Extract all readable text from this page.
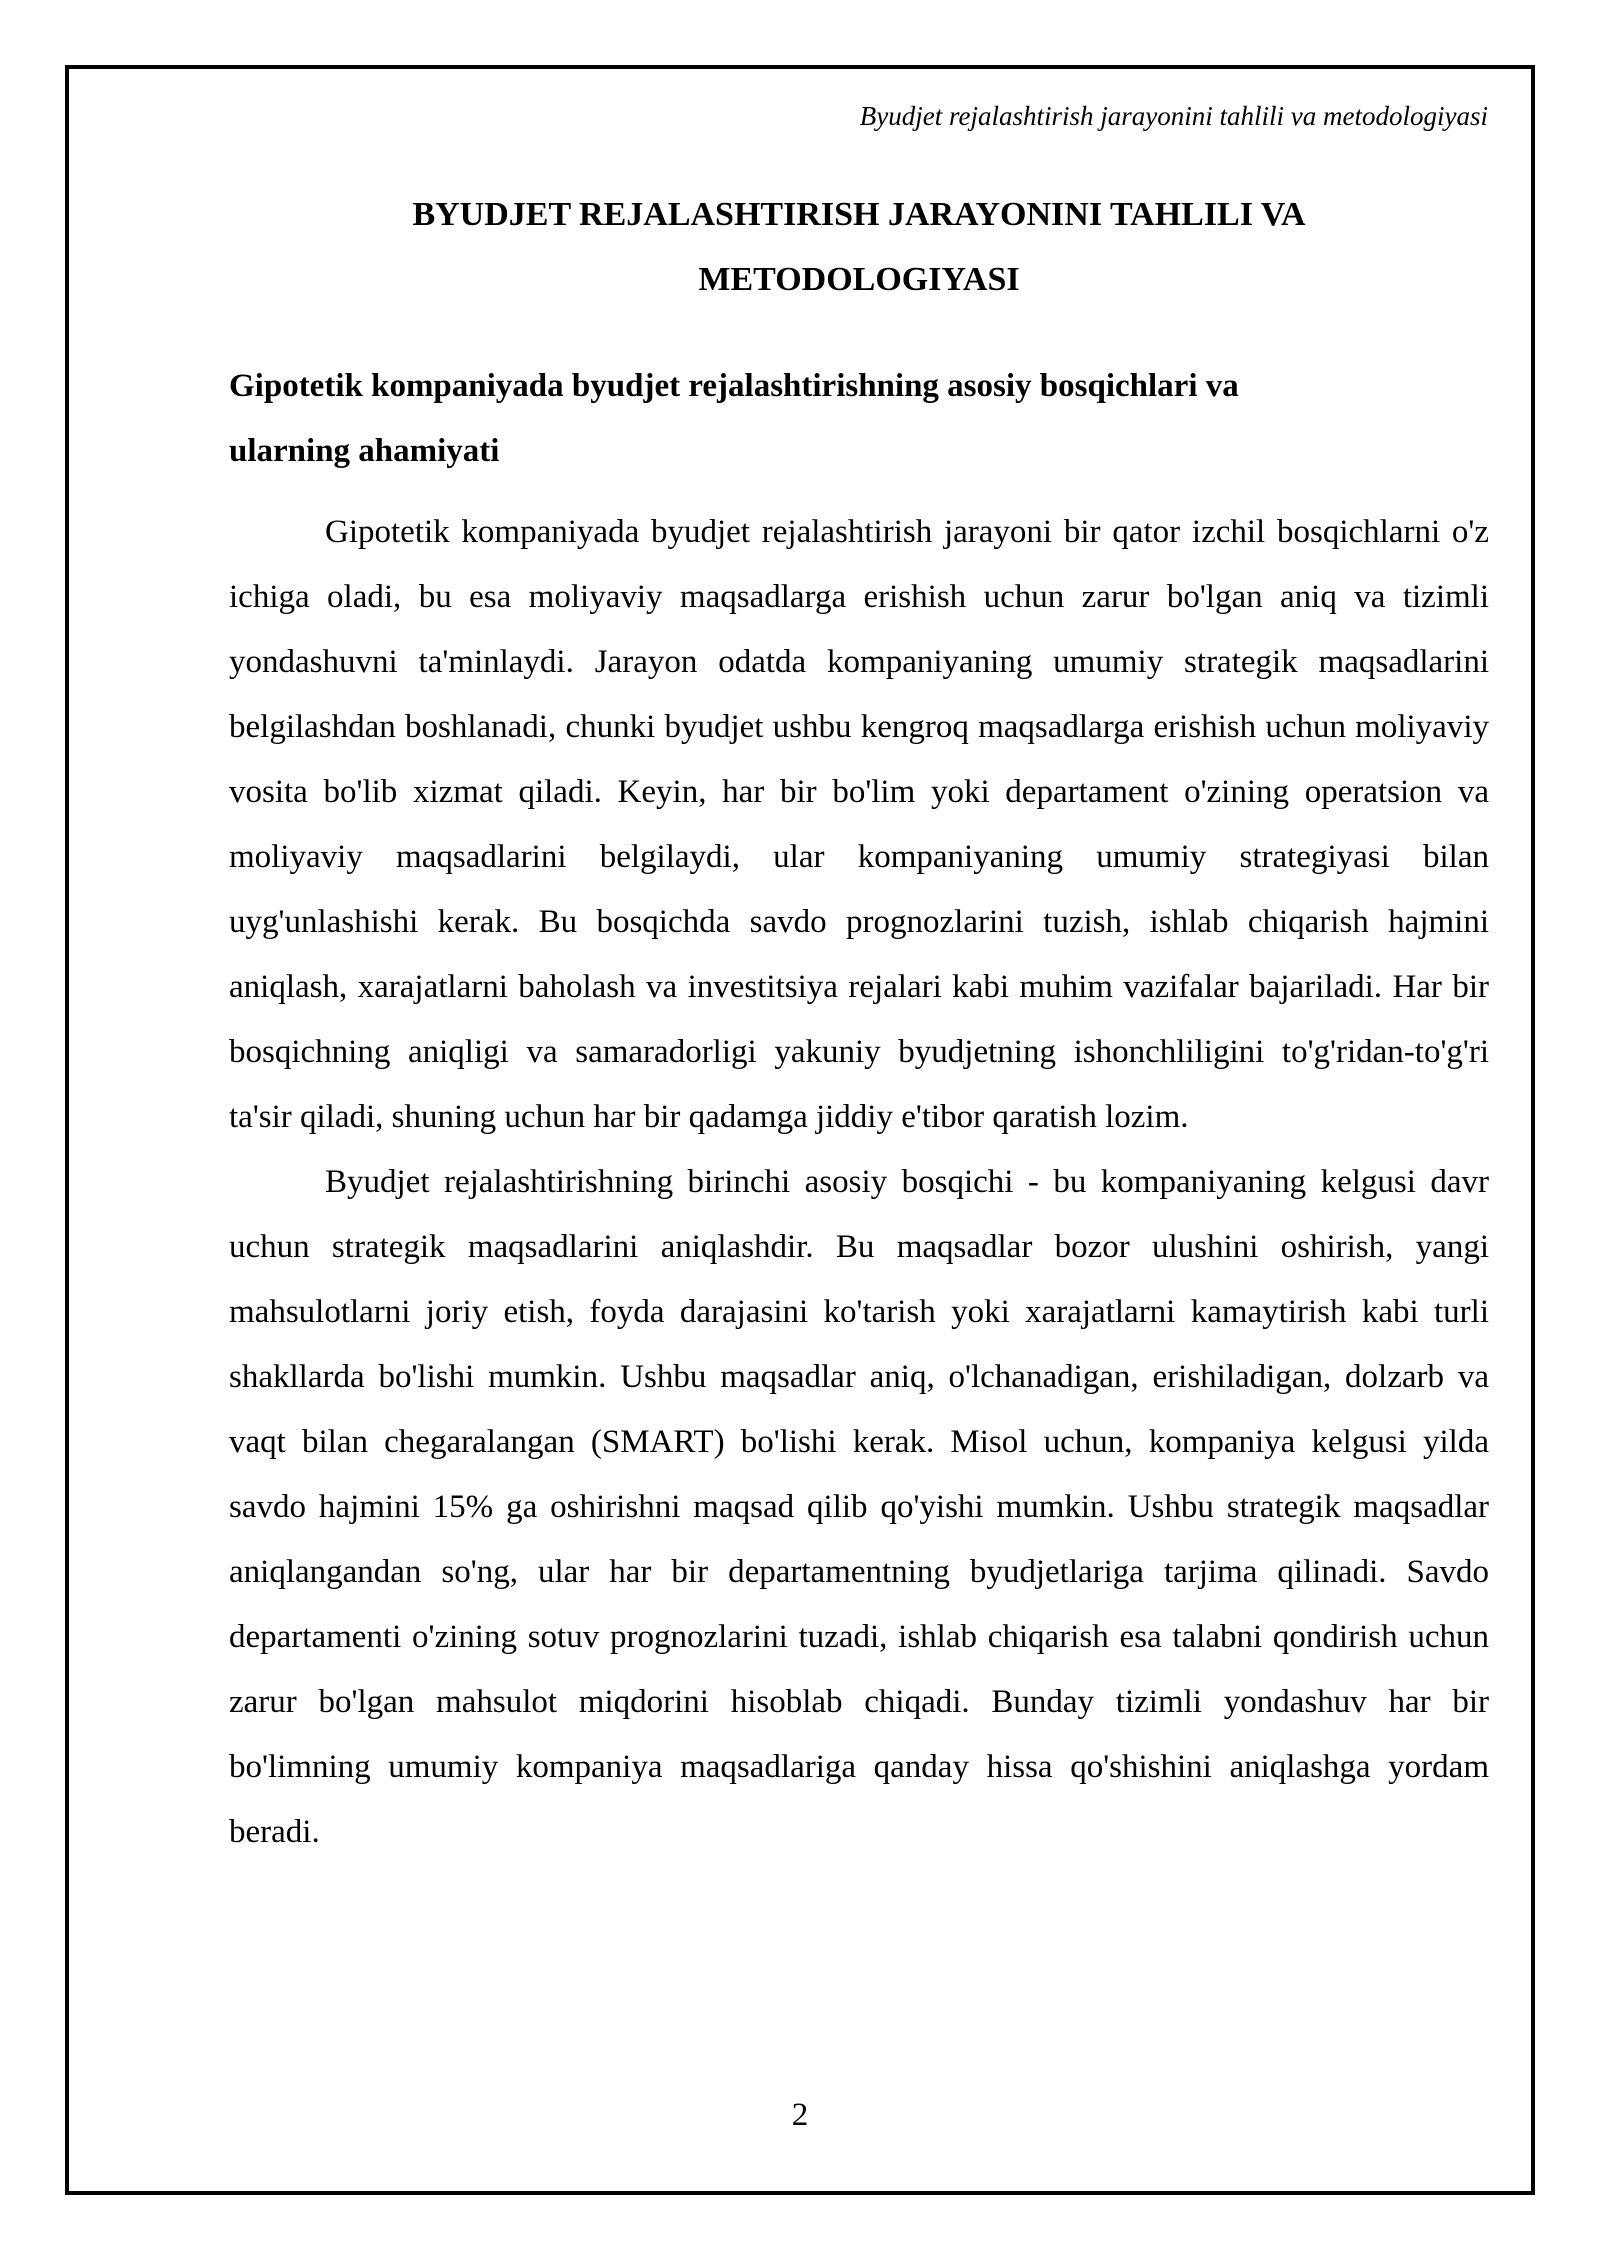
Byudjet rejalashtirish jarayonini tahlili va metodologiyasi
BYUDJET REJALASHTIRISH JARAYONINI TAHLILI VA
METODOLOGIYASI
Gipotetik kompaniyada byudjet rejalashtirishning asosiy bosqichlari va
ularning ahamiyati

Gipotetik kompaniyada byudjet rejalashtirish jarayoni bir qator izchil bosqichlarni o'z ichiga oladi, bu esa moliyaviy maqsadlarga erishish uchun zarur bo'lgan aniq va tizimli yondashuvni ta'minlaydi. Jarayon odatda kompaniyaning umumiy strategik maqsadlarini belgilashdan boshlanadi, chunki byudjet ushbu kengroq maqsadlarga erishish uchun moliyaviy vosita bo'lib xizmat qiladi. Keyin, har bir bo'lim yoki departament o'zining operatsion va moliyaviy maqsadlarini belgilaydi, ular kompaniyaning umumiy strategiyasi bilan uyg'unlashishi kerak. Bu bosqichda savdo prognozlarini tuzish, ishlab chiqarish hajmini aniqlash, xarajatlarni baholash va investitsiya rejalari kabi muhim vazifalar bajariladi. Har bir bosqichning aniqligi va samaradorligi yakuniy byudjetning ishonchliligini to'g'ridan-to'g'ri ta'sir qiladi, shuning uchun har bir qadamga jiddiy e'tibor qaratish lozim.

Byudjet rejalashtirishning birinchi asosiy bosqichi - bu kompaniyaning kelgusi davr uchun strategik maqsadlarini aniqlashdir. Bu maqsadlar bozor ulushini oshirish, yangi mahsulotlarni joriy etish, foyda darajasini ko'tarish yoki xarajatlarni kamaytirish kabi turli shakllarda bo'lishi mumkin. Ushbu maqsadlar aniq, o'lchanadigan, erishiladigan, dolzarb va vaqt bilan chegaralangan (SMART) bo'lishi kerak. Misol uchun, kompaniya kelgusi yilda savdo hajmini 15% ga oshirishni maqsad qilib qo'yishi mumkin. Ushbu strategik maqsadlar aniqlangandan so'ng, ular har bir departamentning byudjetlariga tarjima qilinadi. Savdo departamenti o'zining sotuv prognozlarini tuzadi, ishlab chiqarish esa talabni qondirish uchun zarur bo'lgan mahsulot miqdorini hisoblab chiqadi. Bunday tizimli yondashuv har bir bo'limning umumiy kompaniya maqsadlariga qanday hissa qo'shishini aniqlashga yordam beradi.

2
